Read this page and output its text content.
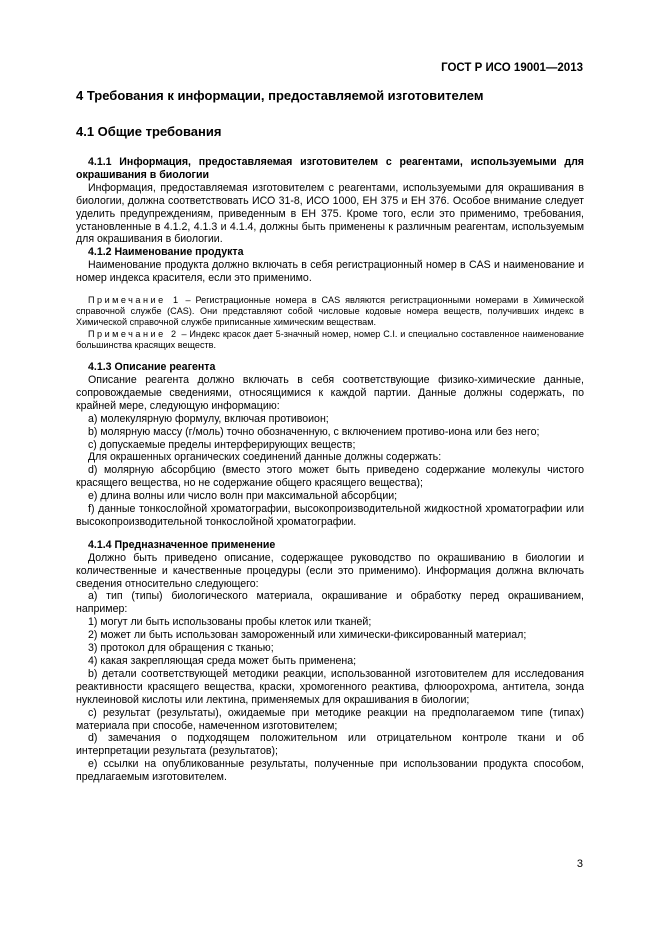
ГОСТ Р ИСО 19001—2013
4 Требования к информации, предоставляемой изготовителем
4.1 Общие требования

4.1.1 Информация, предоставляемая изготовителем с реагентами, используемыми для окрашивания в биологии

Информация, предоставляемая изготовителем с реагентами, используемыми для окрашивания в биологии, должна соответствовать ИСО 31-8, ИСО 1000, ЕН 375 и ЕН 376. Особое внимание следует уделить предупреждениям, приведенным в ЕН 375. Кроме того, если это применимо, требования, установленные в 4.1.2, 4.1.3 и 4.1.4, должны быть применены к различным реагентам, используемым для окрашивания в биологии.

4.1.2 Наименование продукта

Наименование продукта должно включать в себя регистрационный номер в CAS и наименование и номер индекса красителя, если это применимо.

Примечание 1 – Регистрационные номера в CAS являются регистрационными номерами в Химической справочной службе (CAS). Они представляют собой числовые кодовые номера веществ, получивших индекс в Химической справочной службе приписанные химическим веществам.

Примечание 2 – Индекс красок дает 5-значный номер, номер C.I. и специально составленное наименование большинства красящих веществ.

4.1.3 Описание реагента

Описание реагента должно включать в себя соответствующие физико-химические данные, сопровождаемые сведениями, относящимися к каждой партии. Данные должны содержать, по крайней мере, следующую информацию:

а) молекулярную формулу, включая противоион;

b) молярную массу (г/моль) точно обозначенную, с включением противо-иона или без него;

c) допускаемые пределы интерферирующих веществ;

Для окрашенных органических соединений данные должны содержать:

d) молярную абсорбцию (вместо этого может быть приведено содержание молекулы чистого красящего вещества, но не содержание общего красящего вещества);

e) длина волны или число волн при максимальной абсорбции;

f) данные тонкослойной хроматографии, высокопроизводительной жидкостной хроматографии или высокопроизводительной тонкослойной хроматографии.

4.1.4 Предназначенное применение

Должно быть приведено описание, содержащее руководство по окрашиванию в биологии и количественные и качественные процедуры (если это применимо). Информация должна включать сведения относительно следующего:

а) тип (типы) биологического материала, окрашивание и обработку перед окрашиванием, например:

1) могут ли быть использованы пробы клеток или тканей;

2) может ли быть использован замороженный или химически-фиксированный материал;

3) протокол для обращения с тканью;

4) какая закрепляющая среда может быть применена;

b) детали соответствующей методики реакции, использованной изготовителем для исследования реактивности красящего вещества, краски, хромогенного реактива, флюорохрома, антитела, зонда нуклеиновой кислоты или лектина, применяемых для окрашивания в биологии;

c) результат (результаты), ожидаемые при методике реакции на предполагаемом типе (типах) материала при способе, намеченном изготовителем;

d) замечания о подходящем положительном или отрицательном контроле ткани и об интерпретации результата (результатов);

e) ссылки на опубликованные результаты, полученные при использовании продукта способом, предлагаемым изготовителем.

3
